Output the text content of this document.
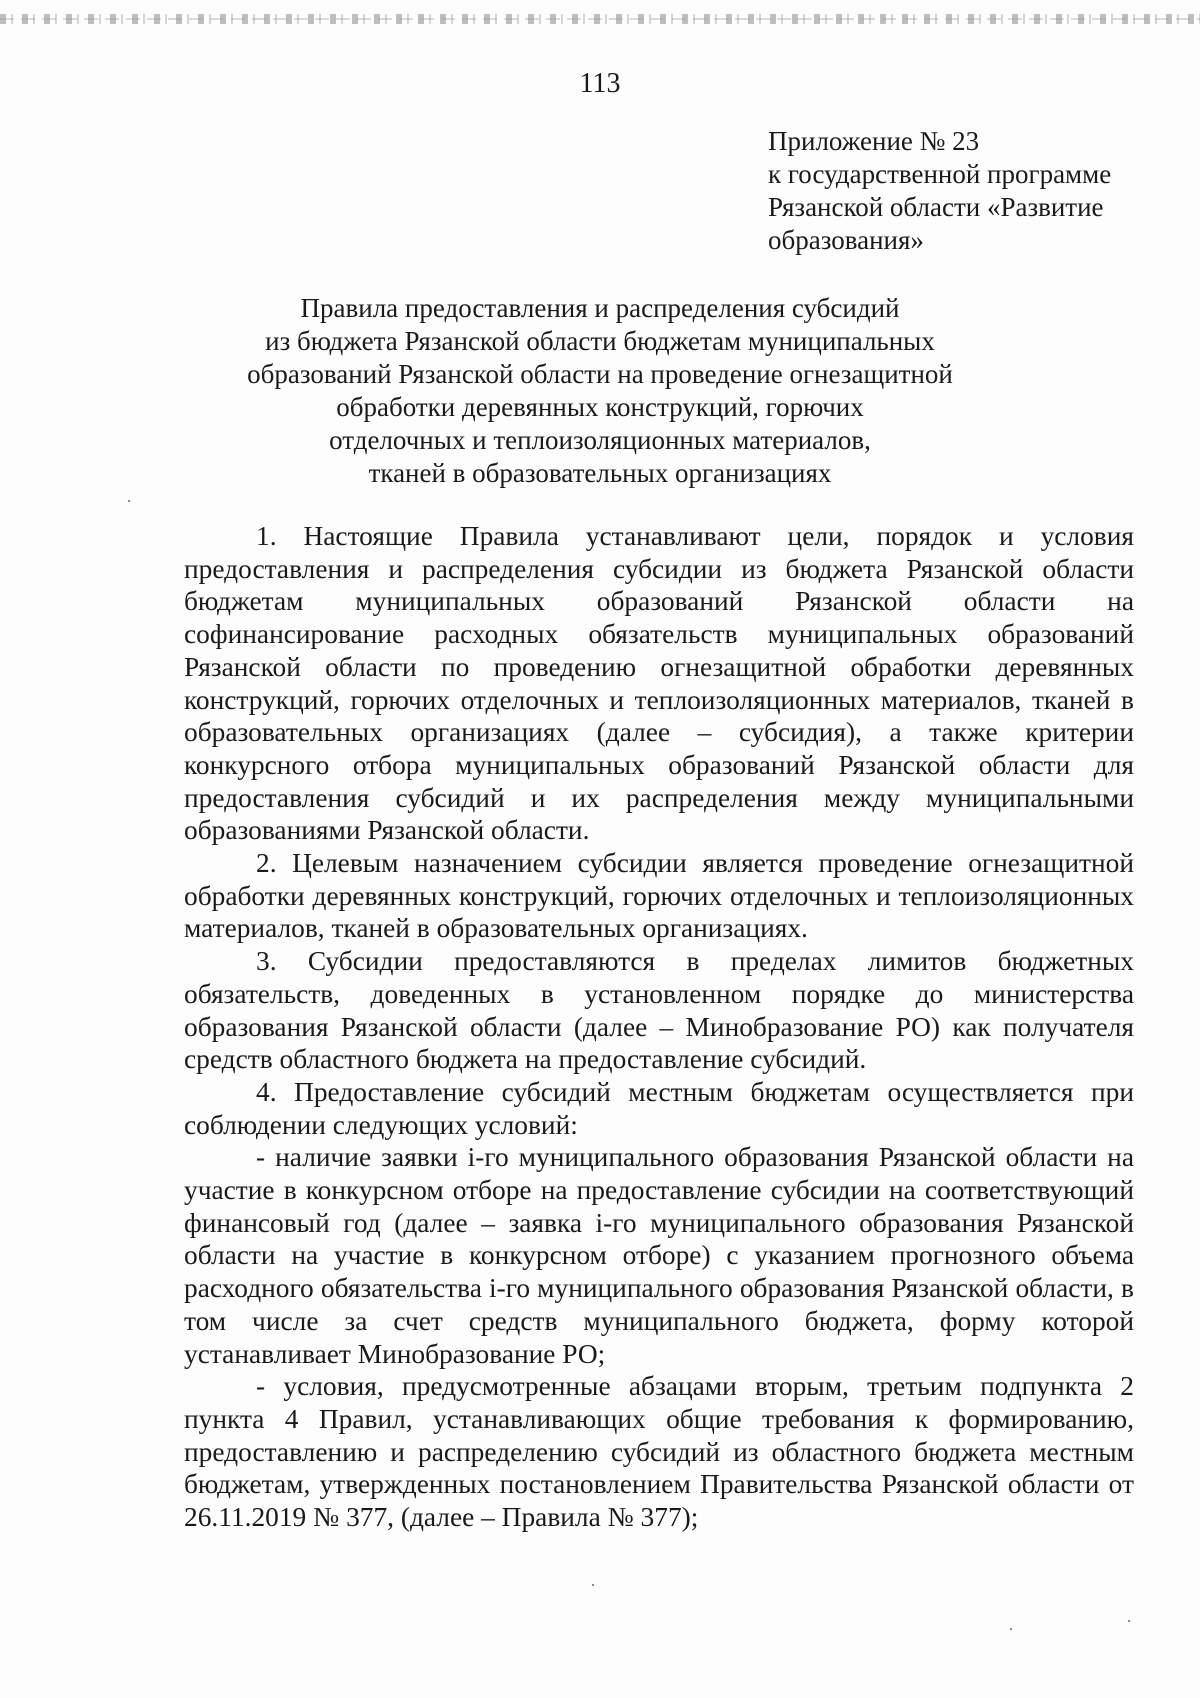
113
Приложение № 23
к государственной программе
Рязанской области «Развитие
образования»
Правила предоставления и распределения субсидий
из бюджета Рязанской области бюджетам муниципальных
образований Рязанской области на проведение огнезащитной
обработки деревянных конструкций, горючих
отделочных и теплоизоляционных материалов,
тканей в образовательных организациях

1. Настоящие Правила устанавливают цели, порядок и условия предоставления и распределения субсидии из бюджета Рязанской области бюджетам муниципальных образований Рязанской области на софинансирование расходных обязательств муниципальных образований Рязанской области по проведению огнезащитной обработки деревянных конструкций, горючих отделочных и теплоизоляционных материалов, тканей в образовательных организациях (далее – субсидия), а также критерии конкурсного отбора муниципальных образований Рязанской области для предоставления субсидий и их распределения между муниципальными образованиями Рязанской области.

2. Целевым назначением субсидии является проведение огнезащитной обработки деревянных конструкций, горючих отделочных и теплоизоляционных материалов, тканей в образовательных организациях.

3. Субсидии предоставляются в пределах лимитов бюджетных обязательств, доведенных в установленном порядке до министерства образования Рязанской области (далее – Минобразование РО) как получателя средств областного бюджета на предоставление субсидий.

4. Предоставление субсидий местным бюджетам осуществляется при соблюдении следующих условий:

- наличие заявки i-го муниципального образования Рязанской области на участие в конкурсном отборе на предоставление субсидии на соответствующий финансовый год (далее – заявка i-го муниципального образования Рязанской области на участие в конкурсном отборе) с указанием прогнозного объема расходного обязательства i-го муниципального образования Рязанской области, в том числе за счет средств муниципального бюджета, форму которой устанавливает Минобразование РО;

- условия, предусмотренные абзацами вторым, третьим подпункта 2 пункта 4 Правил, устанавливающих общие требования к формированию, предоставлению и распределению субсидий из областного бюджета местным бюджетам, утвержденных постановлением Правительства Рязанской области от 26.11.2019 № 377, (далее – Правила № 377);
